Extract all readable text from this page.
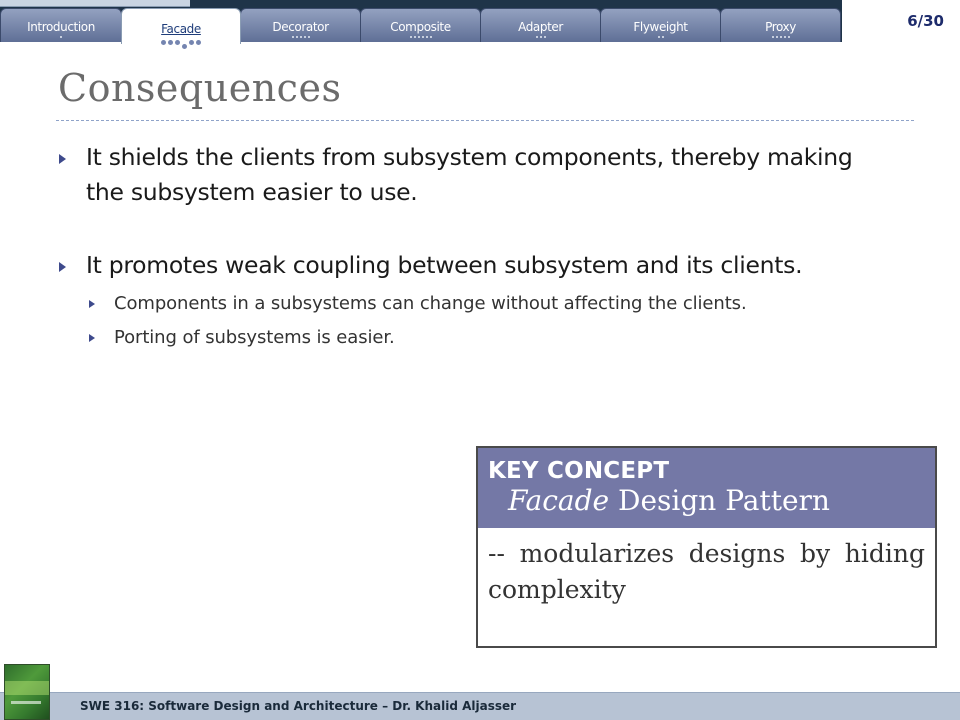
Introduction	Facade	Decorator	Composite	Adapter	Flyweight	Proxy	6/30
Consequences
It shields the clients from subsystem components, thereby making the subsystem easier to use.
It promotes weak coupling between subsystem and its clients.
Components in a subsystems can change without affecting the clients.
Porting of subsystems is easier.
KEY CONCEPT
Facade Design Pattern
-- modularizes designs by hiding complexity
SWE 316: Software Design and Architecture – Dr. Khalid Aljasser
